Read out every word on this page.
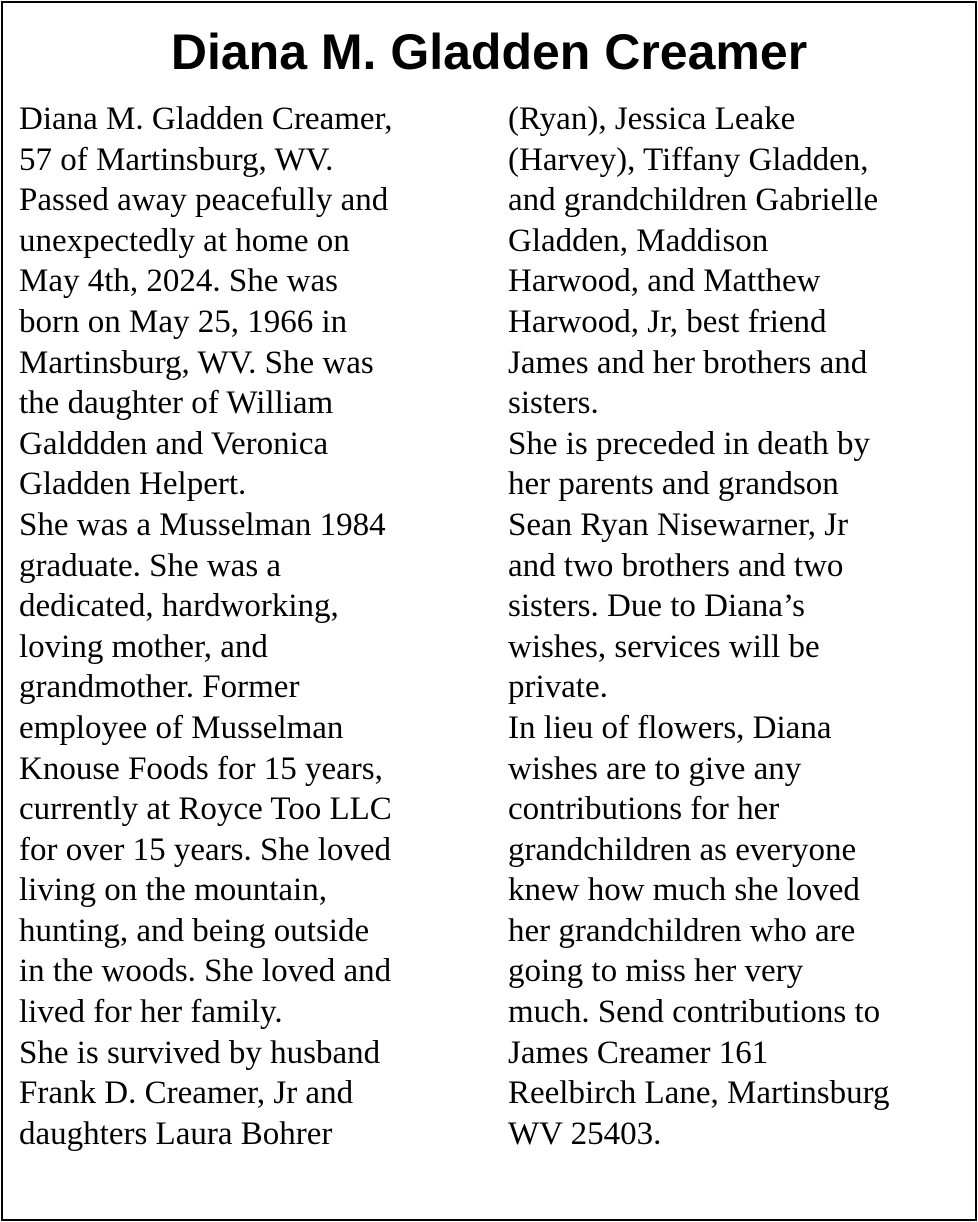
Diana M. Gladden Creamer
Diana M. Gladden Creamer,
57 of Martinsburg, WV.
Passed away peacefully and
unexpectedly at home on
May 4th, 2024. She was
born on May 25, 1966 in
Martinsburg, WV. She was
the daughter of William
Galddden and Veronica
Gladden Helpert.
She was a Musselman 1984
graduate. She was a
dedicated, hardworking,
loving mother, and
grandmother. Former
employee of Musselman
Knouse Foods for 15 years,
currently at Royce Too LLC
for over 15 years. She loved
living on the mountain,
hunting, and being outside
in the woods. She loved and
lived for her family.
She is survived by husband
Frank D. Creamer, Jr and
daughters Laura Bohrer
(Ryan), Jessica Leake
(Harvey), Tiffany Gladden,
and grandchildren Gabrielle
Gladden, Maddison
Harwood, and Matthew
Harwood, Jr, best friend
James and her brothers and
sisters.
She is preceded in death by
her parents and grandson
Sean Ryan Nisewarner, Jr
and two brothers and two
sisters. Due to Diana’s
wishes, services will be
private.
In lieu of flowers, Diana
wishes are to give any
contributions for her
grandchildren as everyone
knew how much she loved
her grandchildren who are
going to miss her very
much. Send contributions to
James Creamer 161
Reelbirch Lane, Martinsburg
WV 25403.
